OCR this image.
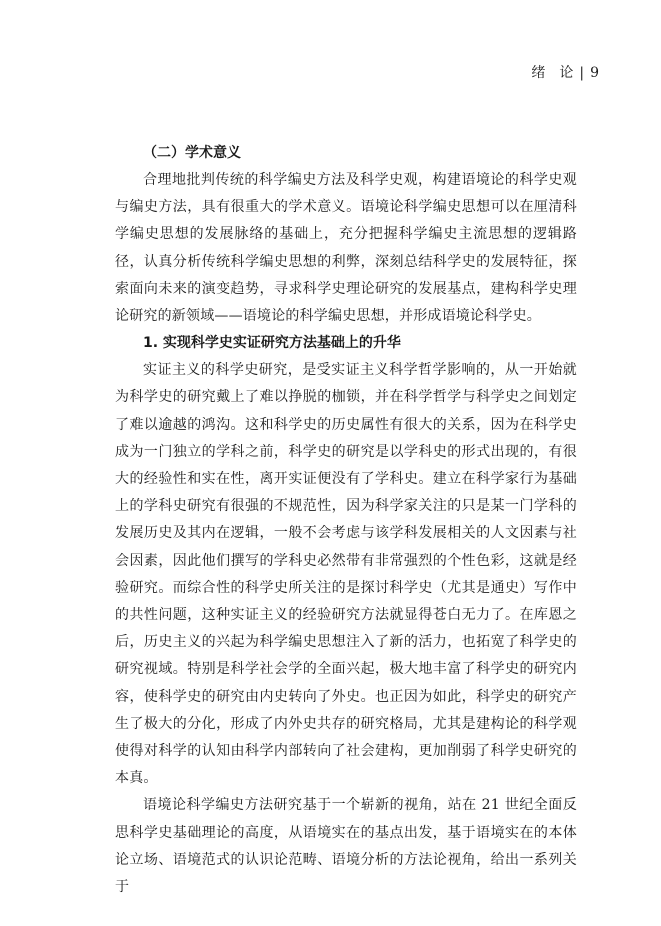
绪　论 | 9

（二）学术意义

合理地批判传统的科学编史方法及科学史观，构建语境论的科学史观与编史方法，具有很重大的学术意义。语境论科学编史思想可以在厘清科学编史思想的发展脉络的基础上，充分把握科学编史主流思想的逻辑路径，认真分析传统科学编史思想的利弊，深刻总结科学史的发展特征，探索面向未来的演变趋势，寻求科学史理论研究的发展基点，建构科学史理论研究的新领域——语境论的科学编史思想，并形成语境论科学史。

1. 实现科学史实证研究方法基础上的升华

实证主义的科学史研究，是受实证主义科学哲学影响的，从一开始就为科学史的研究戴上了难以挣脱的枷锁，并在科学哲学与科学史之间划定了难以逾越的鸿沟。这和科学史的历史属性有很大的关系，因为在科学史成为一门独立的学科之前，科学史的研究是以学科史的形式出现的，有很大的经验性和实在性，离开实证便没有了学科史。建立在科学家行为基础上的学科史研究有很强的不规范性，因为科学家关注的只是某一门学科的发展历史及其内在逻辑，一般不会考虑与该学科发展相关的人文因素与社会因素，因此他们撰写的学科史必然带有非常强烈的个性色彩，这就是经验研究。而综合性的科学史所关注的是探讨科学史（尤其是通史）写作中的共性问题，这种实证主义的经验研究方法就显得苍白无力了。在库恩之后，历史主义的兴起为科学编史思想注入了新的活力，也拓宽了科学史的研究视域。特别是科学社会学的全面兴起，极大地丰富了科学史的研究内容，使科学史的研究由内史转向了外史。也正因为如此，科学史的研究产生了极大的分化，形成了内外史共存的研究格局，尤其是建构论的科学观使得对科学的认知由科学内部转向了社会建构，更加削弱了科学史研究的本真。

语境论科学编史方法研究基于一个崭新的视角，站在 21 世纪全面反思科学史基础理论的高度，从语境实在的基点出发，基于语境实在的本体论立场、语境范式的认识论范畴、语境分析的方法论视角，给出一系列关于
